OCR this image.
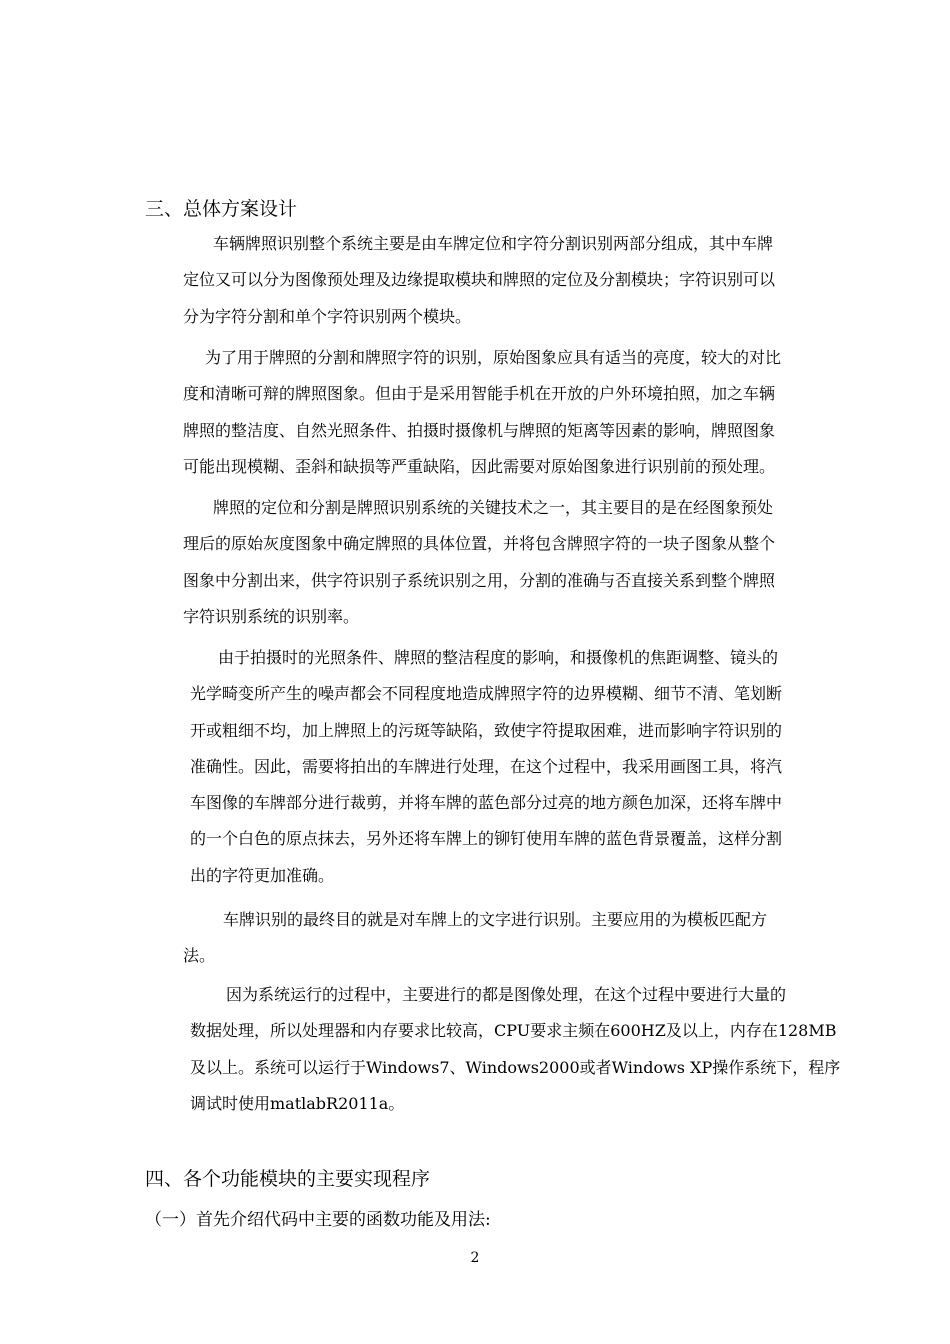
三、总体方案设计
车辆牌照识别整个系统主要是由车牌定位和字符分割识别两部分组成，其中车牌
定位又可以分为图像预处理及边缘提取模块和牌照的定位及分割模块；字符识别可以
分为字符分割和单个字符识别两个模块。
为了用于牌照的分割和牌照字符的识别，原始图象应具有适当的亮度，较大的对比
度和清晰可辩的牌照图象。但由于是采用智能手机在开放的户外环境拍照，加之车辆
牌照的整洁度、自然光照条件、拍摄时摄像机与牌照的矩离等因素的影响，牌照图象
可能出现模糊、歪斜和缺损等严重缺陷，因此需要对原始图象进行识别前的预处理。
牌照的定位和分割是牌照识别系统的关键技术之一，其主要目的是在经图象预处
理后的原始灰度图象中确定牌照的具体位置，并将包含牌照字符的一块子图象从整个
图象中分割出来，供字符识别子系统识别之用，分割的准确与否直接关系到整个牌照
字符识别系统的识别率。
由于拍摄时的光照条件、牌照的整洁程度的影响，和摄像机的焦距调整、镜头的
光学畸变所产生的噪声都会不同程度地造成牌照字符的边界模糊、细节不清、笔划断
开或粗细不均，加上牌照上的污斑等缺陷，致使字符提取困难，进而影响字符识别的
准确性。因此，需要将拍出的车牌进行处理，在这个过程中，我采用画图工具，将汽
车图像的车牌部分进行裁剪，并将车牌的蓝色部分过亮的地方颜色加深，还将车牌中
的一个白色的原点抹去，另外还将车牌上的铆钉使用车牌的蓝色背景覆盖，这样分割
出的字符更加准确。
车牌识别的最终目的就是对车牌上的文字进行识别。主要应用的为模板匹配方
法。
因为系统运行的过程中，主要进行的都是图像处理，在这个过程中要进行大量的
数据处理，所以处理器和内存要求比较高，CPU要求主频在600HZ及以上，内存在128MB
及以上。系统可以运行于Windows7、Windows2000或者Windows XP操作系统下，程序
调试时使用matlabR2011a。
四、各个功能模块的主要实现程序
（一）首先介绍代码中主要的函数功能及用法:
2
